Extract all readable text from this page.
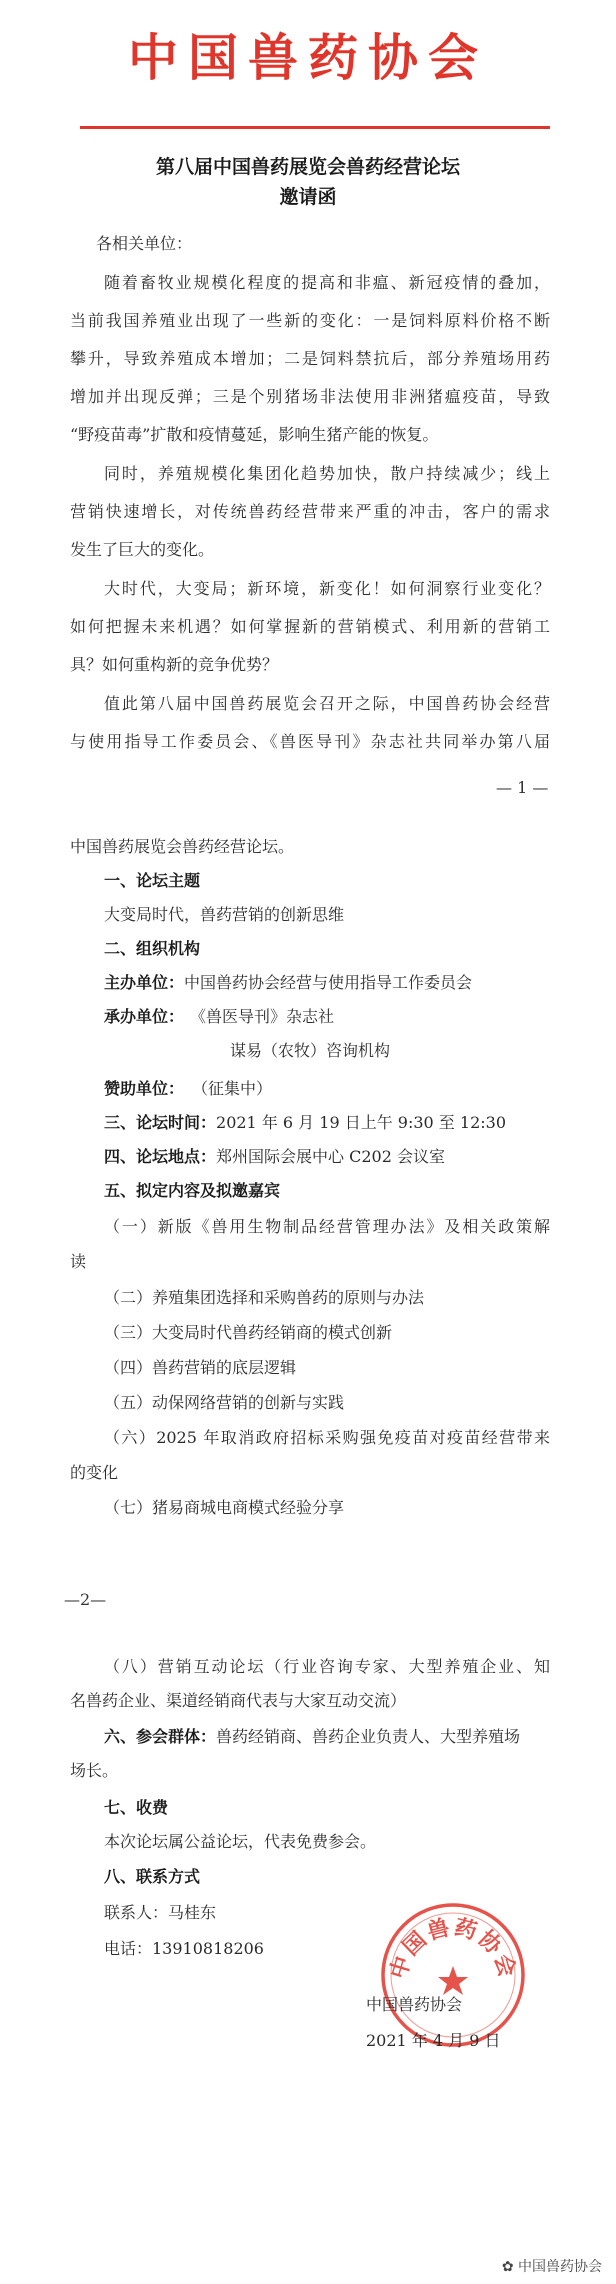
中国兽药协会
第八届中国兽药展览会兽药经营论坛
邀请函
各相关单位：
随着畜牧业规模化程度的提高和非瘟、新冠疫情的叠加，
当前我国养殖业出现了一些新的变化：一是饲料原料价格不断
攀升，导致养殖成本增加；二是饲料禁抗后，部分养殖场用药
增加并出现反弹；三是个别猪场非法使用非洲猪瘟疫苗，导致
“野疫苗毒”扩散和疫情蔓延，影响生猪产能的恢复。
同时，养殖规模化集团化趋势加快，散户持续减少；线上
营销快速增长，对传统兽药经营带来严重的冲击，客户的需求
发生了巨大的变化。
大时代，大变局；新环境，新变化！如何洞察行业变化？
如何把握未来机遇？如何掌握新的营销模式、利用新的营销工
具？如何重构新的竞争优势？
值此第八届中国兽药展览会召开之际，中国兽药协会经营
与使用指导工作委员会、《兽医导刊》杂志社共同举办第八届
— 1 —
中国兽药展览会兽药经营论坛。
一、论坛主题
大变局时代，兽药营销的创新思维
二、组织机构
主办单位：中国兽药协会经营与使用指导工作委员会
承办单位： 《兽医导刊》杂志社
谋易（农牧）咨询机构
赞助单位： （征集中）
三、论坛时间：2021 年 6 月 19 日上午 9:30 至 12:30
四、论坛地点：郑州国际会展中心 C202 会议室
五、拟定内容及拟邀嘉宾
（一）新版《兽用生物制品经营管理办法》及相关政策解
读
（二）养殖集团选择和采购兽药的原则与办法
（三）大变局时代兽药经销商的模式创新
（四）兽药营销的底层逻辑
（五）动保网络营销的创新与实践
（六）2025 年取消政府招标采购强免疫苗对疫苗经营带来
的变化
（七）猪易商城电商模式经验分享
—2—
（八）营销互动论坛（行业咨询专家、大型养殖企业、知
名兽药企业、渠道经销商代表与大家互动交流）
六、参会群体：兽药经销商、兽药企业负责人、大型养殖场
场长。
七、收费
本次论坛属公益论坛，代表免费参会。
八、联系方式
联系人：马桂东
电话：13910818206
中国兽药协会
中国兽药协会
2021 年 4 月 9 日
✿ 中国兽药协会
